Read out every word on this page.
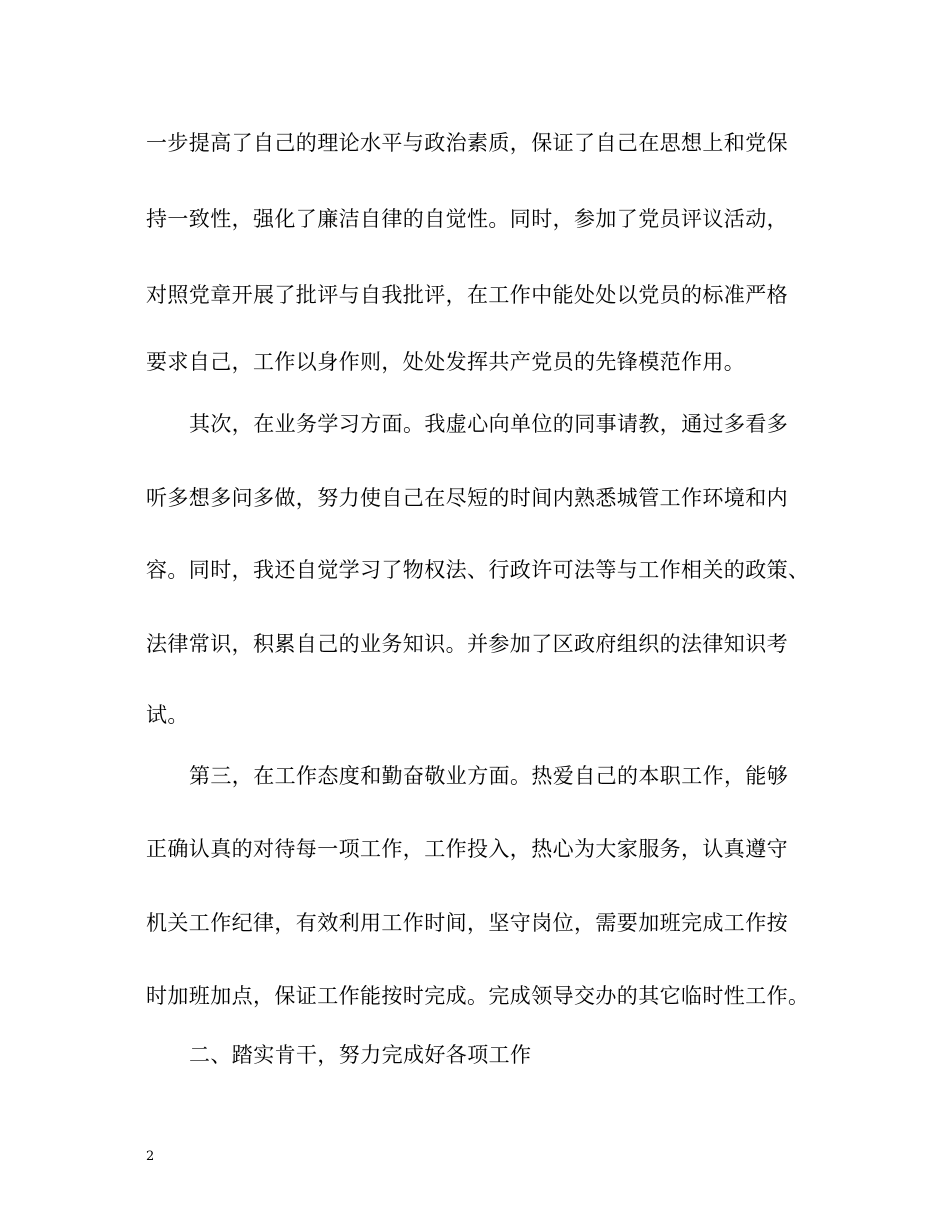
一步提高了自己的理论水平与政治素质，保证了自己在思想上和党保
持一致性，强化了廉洁自律的自觉性。同时，参加了党员评议活动，
对照党章开展了批评与自我批评，在工作中能处处以党员的标准严格
要求自己，工作以身作则，处处发挥共产党员的先锋模范作用。
其次，在业务学习方面。我虚心向单位的同事请教，通过多看多
听多想多问多做，努力使自己在尽短的时间内熟悉城管工作环境和内
容。同时，我还自觉学习了物权法、行政许可法等与工作相关的政策、
法律常识，积累自己的业务知识。并参加了区政府组织的法律知识考
试。
第三，在工作态度和勤奋敬业方面。热爱自己的本职工作，能够
正确认真的对待每一项工作，工作投入，热心为大家服务，认真遵守
机关工作纪律，有效利用工作时间，坚守岗位，需要加班完成工作按
时加班加点，保证工作能按时完成。完成领导交办的其它临时性工作。
二、踏实肯干，努力完成好各项工作
2
